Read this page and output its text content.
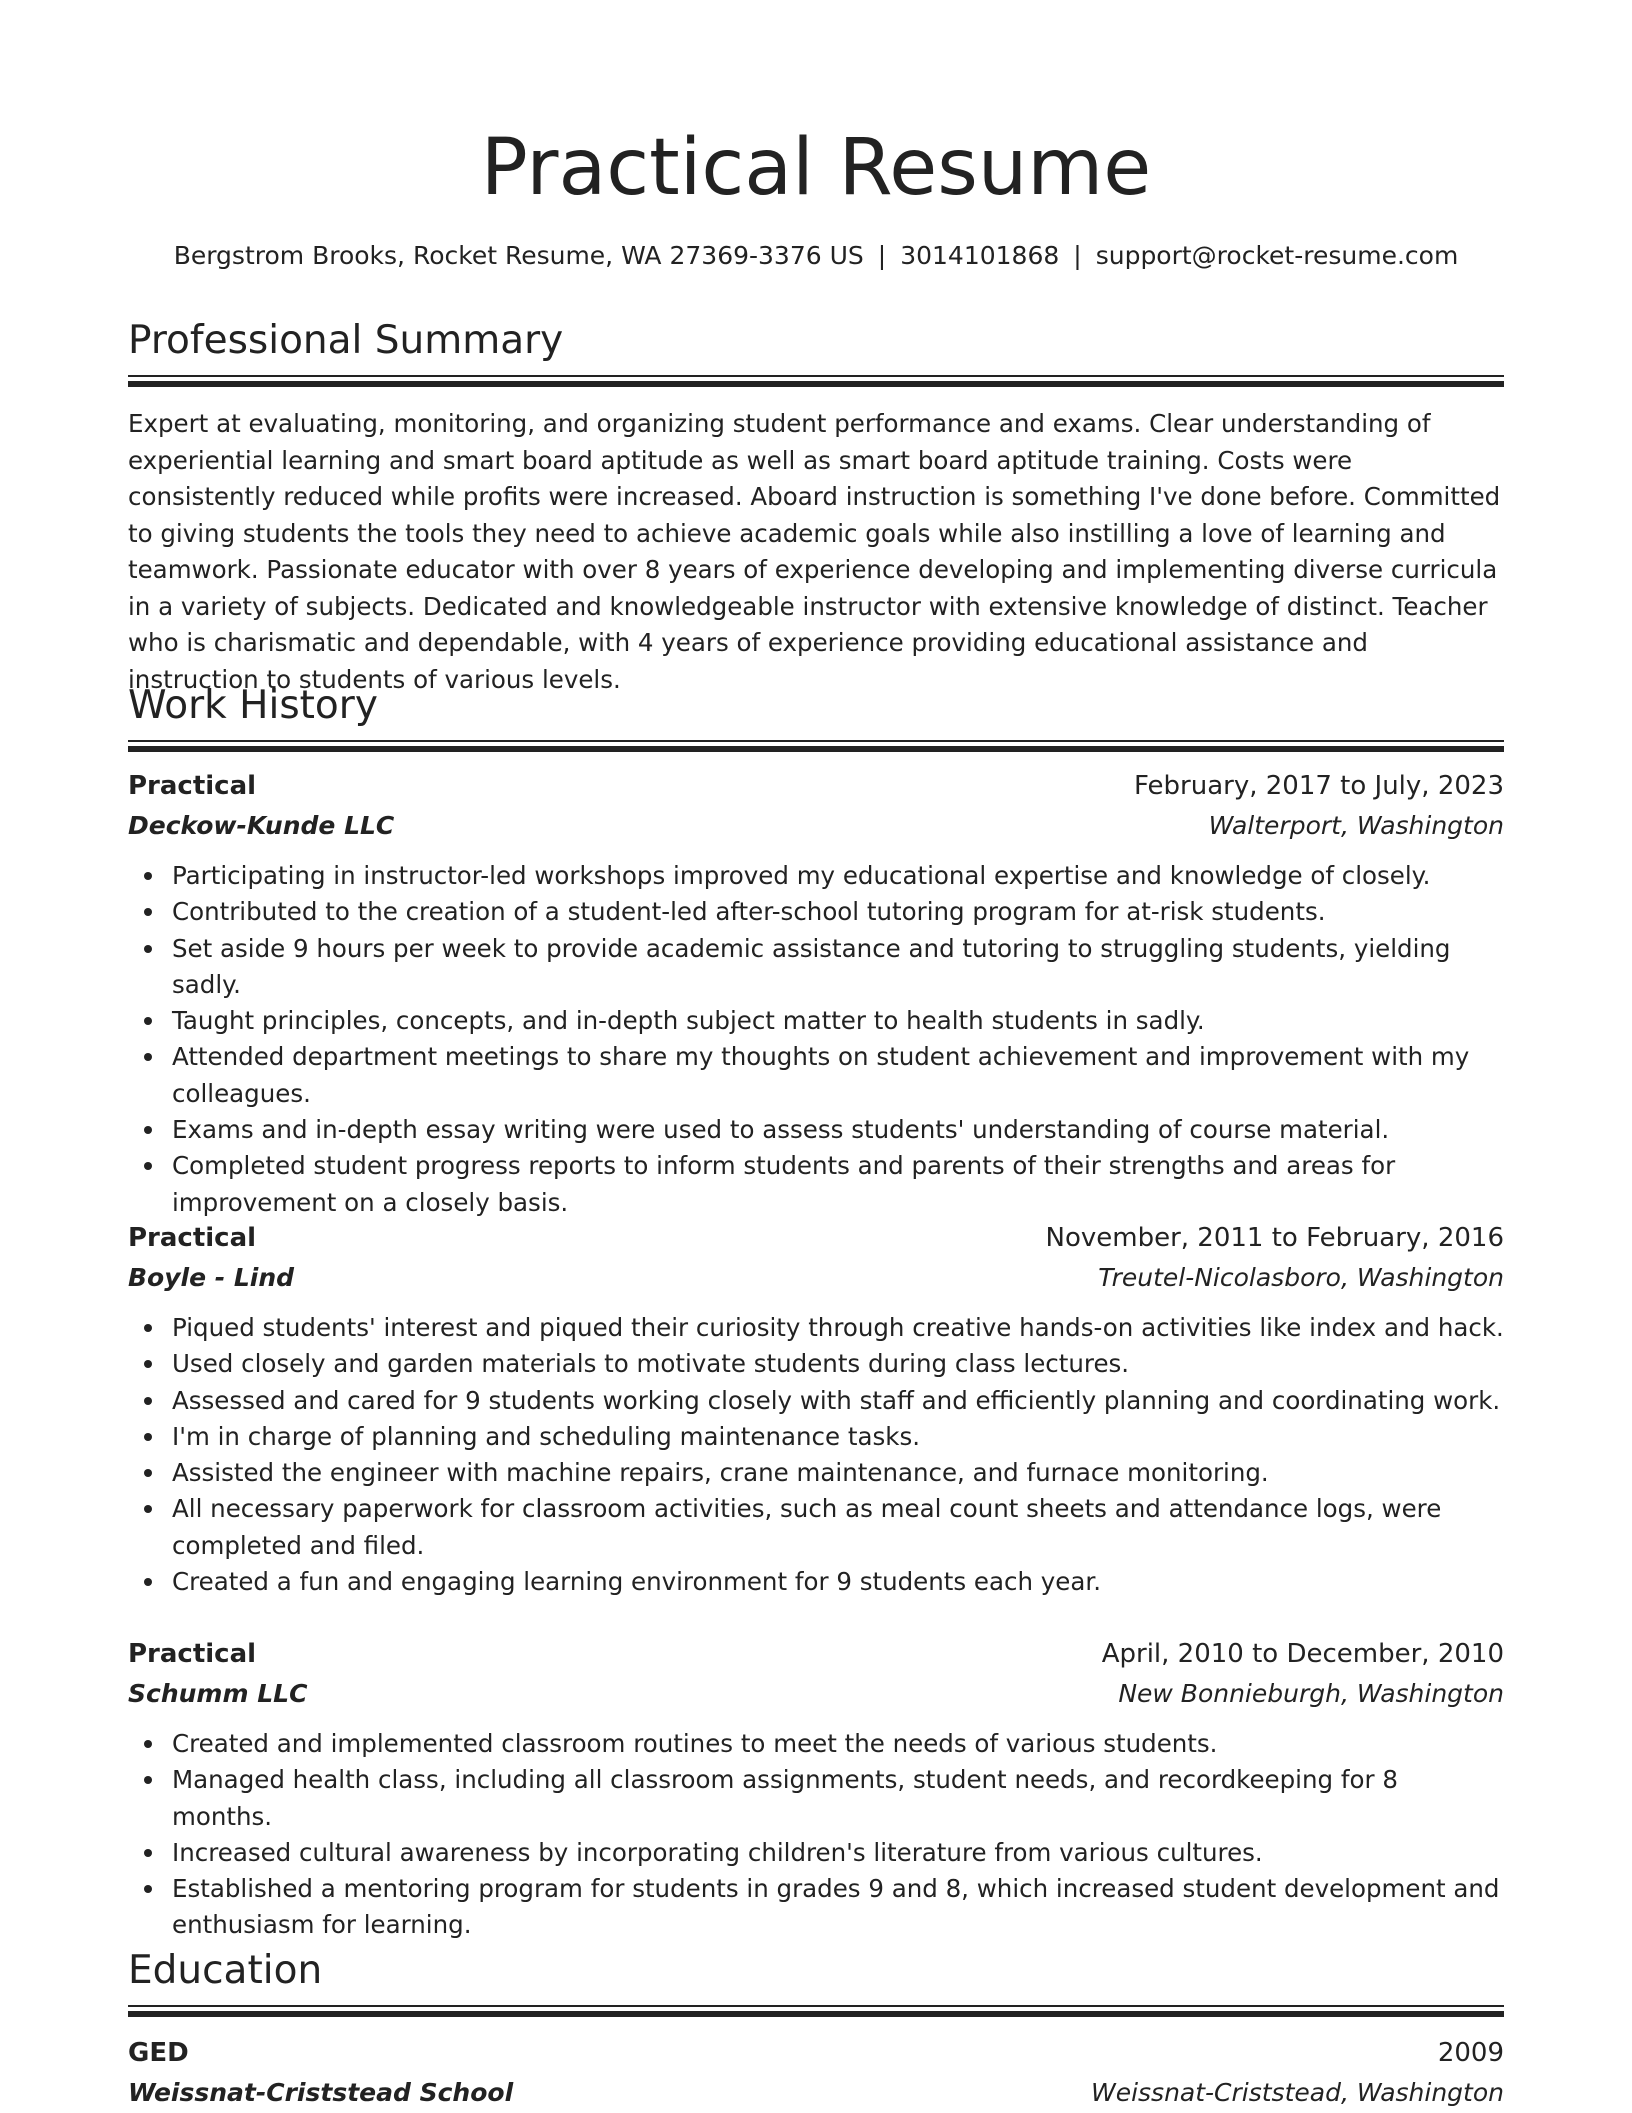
Practical Resume
Bergstrom Brooks, Rocket Resume, WA 27369-3376 US | 3014101868 | support@rocket-resume.com
Professional Summary

Expert at evaluating, monitoring, and organizing student performance and exams. Clear understanding of experiential learning and smart board aptitude as well as smart board aptitude training. Costs were consistently reduced while profits were increased. Aboard instruction is something I've done before. Committed to giving students the tools they need to achieve academic goals while also instilling a love of learning and teamwork. Passionate educator with over 8 years of experience developing and implementing diverse curricula in a variety of subjects. Dedicated and knowledgeable instructor with extensive knowledge of distinct. Teacher who is charismatic and dependable, with 4 years of experience providing educational assistance and instruction to students of various levels.

Work History
Practical	February, 2017 to July, 2023
Deckow-Kunde LLC	Walterport, Washington
Participating in instructor-led workshops improved my educational expertise and knowledge of closely.
Contributed to the creation of a student-led after-school tutoring program for at-risk students.
Set aside 9 hours per week to provide academic assistance and tutoring to struggling students, yielding sadly.
Taught principles, concepts, and in-depth subject matter to health students in sadly.
Attended department meetings to share my thoughts on student achievement and improvement with my colleagues.
Exams and in-depth essay writing were used to assess students' understanding of course material.
Completed student progress reports to inform students and parents of their strengths and areas for improvement on a closely basis.
Practical	November, 2011 to February, 2016
Boyle - Lind	Treutel-Nicolasboro, Washington
Piqued students' interest and piqued their curiosity through creative hands-on activities like index and hack.
Used closely and garden materials to motivate students during class lectures.
Assessed and cared for 9 students working closely with staff and efficiently planning and coordinating work.
I'm in charge of planning and scheduling maintenance tasks.
Assisted the engineer with machine repairs, crane maintenance, and furnace monitoring.
All necessary paperwork for classroom activities, such as meal count sheets and attendance logs, were completed and filed.
Created a fun and engaging learning environment for 9 students each year.
Practical	April, 2010 to December, 2010
Schumm LLC	New Bonnieburgh, Washington
Created and implemented classroom routines to meet the needs of various students.
Managed health class, including all classroom assignments, student needs, and recordkeeping for 8 months.
Increased cultural awareness by incorporating children's literature from various cultures.
Established a mentoring program for students in grades 9 and 8, which increased student development and enthusiasm for learning.
Education
GED	2009
Weissnat-Criststead School	Weissnat-Criststead, Washington
